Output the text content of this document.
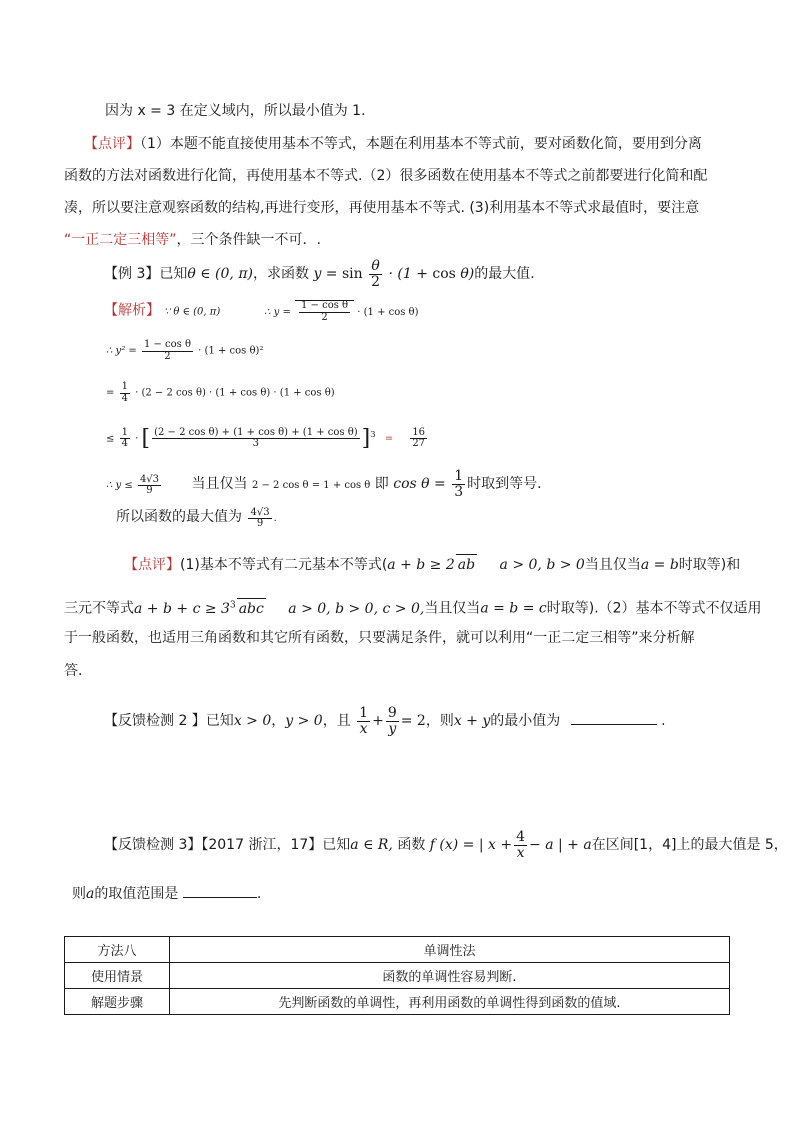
因为 x = 3 在定义域内，所以最小值为 1.
【点评】（1）本题不能直接使用基本不等式，本题在利用基本不等式前，要对函数化简，要用到分离
函数的方法对函数进行化简，再使用基本不等式.（2）很多函数在使用基本不等式之前都要进行化简和配
凑，所以要注意观察函数的结构,再进行变形，再使用基本不等式. (3)利用基本不等式求最值时，要注意
“一正二定三相等”，三个条件缺一不可．.
【例 3】已知θ ∈ (0, π)，求函数 $y = \sin \frac{\theta}{2} \cdot (1 + \cos \theta)$的最大值.
【解析】 ∵ θ ∈ (0, π)	∴ $y = \frac{\text{1 − cos θ}}{2} \cdot (1 + \cos \theta)$
∴ $y^2 = \frac{\text{1 − cos θ}}{2} \cdot (1 + \cos \theta)^2$
= $\frac{1}{4} \cdot (2 - 2$ cos θ) · (1 + cos θ) · (1 + cos θ)
≤ $\frac{1}{4}$ · [ $\frac{\text{(2 − 2 cos θ) + (1 + cos θ) + (1 + cos θ)}}{3} ]^3 = \frac{16}{27}$
∴ $y \le \frac{4√3}{9}$ 当且仅当 2 − 2 cos θ = 1 + cos θ 即 $\cos \theta = \frac{1}{3}$ 时取到等号.
所以函数的最大值为 $\frac{4√3}{9}$ .
【点评】(1)基本不等式有二元基本不等式(a + b ≥ 2 ab a > 0, b > 0当且仅当a = b时取等)和
三元不等式$a + b + c \ge 3^3$ abc a > 0, b > 0, c > 0,当且仅当a = b = c时取等).（2）基本不等式不仅适用
于一般函数，也适用三角函数和其它所有函数，只要满足条件，就可以利用“一正二定三相等”来分析解
答.
【反馈检测 2 】已知x > 0，y > 0，且 $\frac{1}{x} + \frac{9}{y} = 2$，则x + y的最小值为	.
【反馈检测 3】【2017 浙江，17】已知a ∈ R, 函数 f (x) = | $x + \frac{4}{x} - a$ | + a在区间[1，4]上的最大值是 5，
则a的取值范围是	.
方法八	单调性法
使用情景	函数的单调性容易判断.
解题步骤	先判断函数的单调性，再利用函数的单调性得到函数的值域.
